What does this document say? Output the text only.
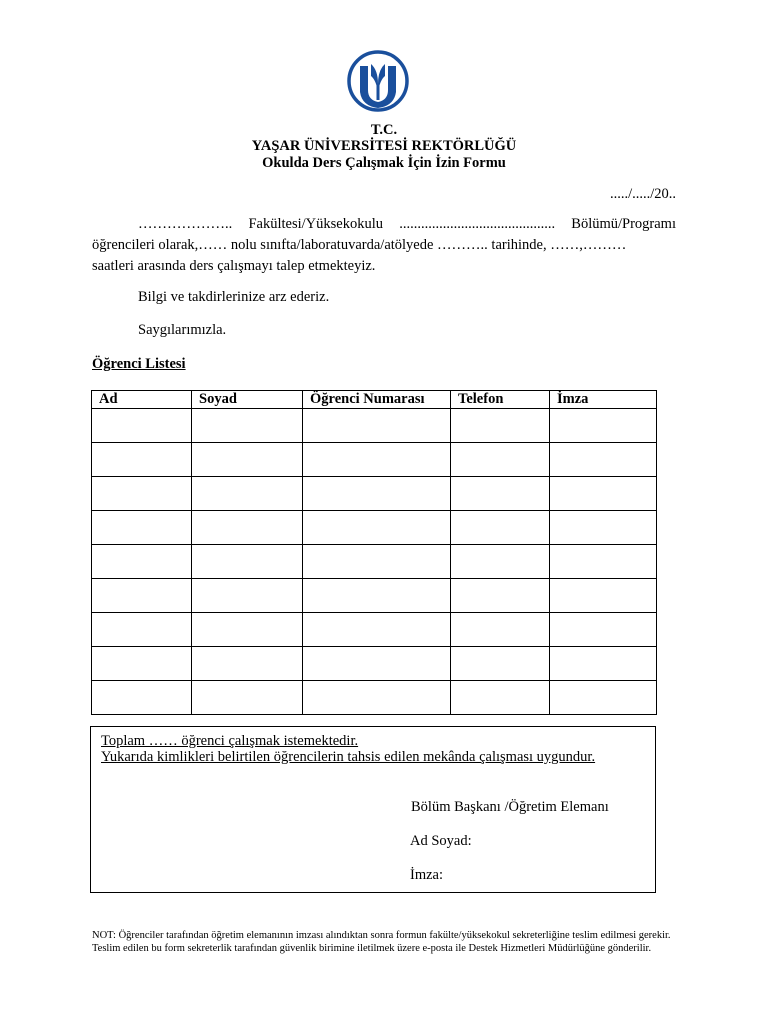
T.C.
YAŞAR ÜNİVERSİTESİ REKTÖRLÜĞÜ
Okulda Ders Çalışmak İçin İzin Formu
...../...../20..
……………….. Fakültesi/Yüksekokulu ........................................... Bölümü/Programı
öğrencileri olarak,…… nolu sınıfta/laboratuvarda/atölyede ……….. tarihinde, ……,………
saatleri arasında ders çalışmayı talep etmekteyiz.
Bilgi ve takdirlerinize arz ederiz.
Saygılarımızla.
Öğrenci Listesi
Ad	Soyad	Öğrenci Numarası	Telefon	İmza

Toplam …… öğrenci çalışmak istemektedir.
Yukarıda kimlikleri belirtilen öğrencilerin tahsis edilen mekânda çalışması uygundur.
Bölüm Başkanı /Öğretim Elemanı
Ad Soyad:
İmza:
NOT: Öğrenciler tarafından öğretim elemanının imzası alındıktan sonra formun fakülte/yüksekokul sekreterliğine teslim edilmesi gerekir. Teslim edilen bu form sekreterlik tarafından güvenlik birimine iletilmek üzere e-posta ile Destek Hizmetleri Müdürlüğüne gönderilir.
